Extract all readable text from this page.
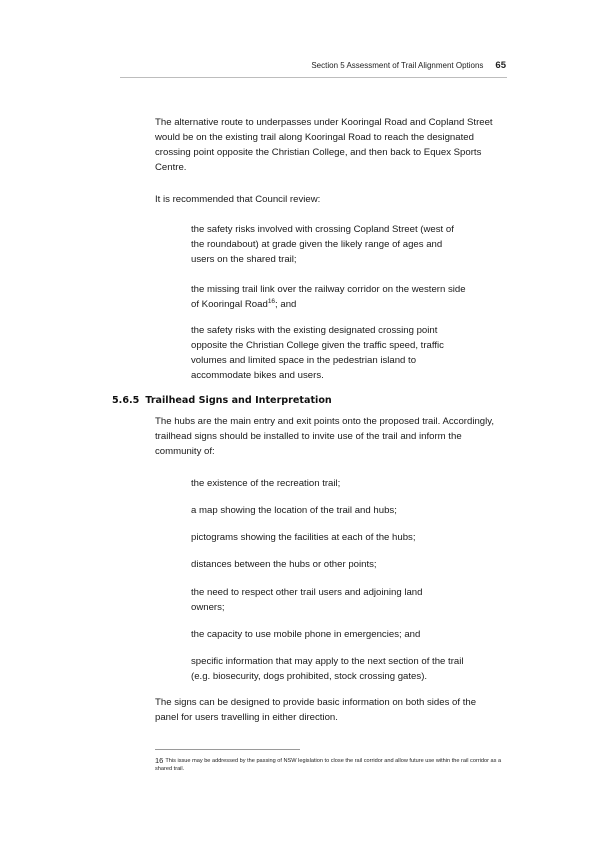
Section 5 Assessment of Trail Alignment Options 65

The alternative route to underpasses under Kooringal Road and Copland Street would be on the existing trail along Kooringal Road to reach the designated crossing point opposite the Christian College, and then back to Equex Sports Centre.

It is recommended that Council review:

the safety risks involved with crossing Copland Street (west of the roundabout) at grade given the likely range of ages and users on the shared trail;

the missing trail link over the railway corridor on the western side of Kooringal Road$^{16}$; and

the safety risks with the existing designated crossing point opposite the Christian College given the traffic speed, traffic volumes and limited space in the pedestrian island to accommodate bikes and users.

The hubs are the main entry and exit points onto the proposed trail. Accordingly, trailhead signs should be installed to invite use of the trail and inform the community of:

the existence of the recreation trail;

a map showing the location of the trail and hubs;

pictograms showing the facilities at each of the hubs;

distances between the hubs or other points;

the need to respect other trail users and adjoining land owners;

the capacity to use mobile phone in emergencies; and

specific information that may apply to the next section of the trail (e.g. biosecurity, dogs prohibited, stock crossing gates).

The signs can be designed to provide basic information on both sides of the panel for users travelling in either direction.

5.6.5 Trailhead Signs and Interpretation
16 This issue may be addressed by the passing of NSW legislation to close the rail corridor and allow future use within the rail corridor as a shared trail.
